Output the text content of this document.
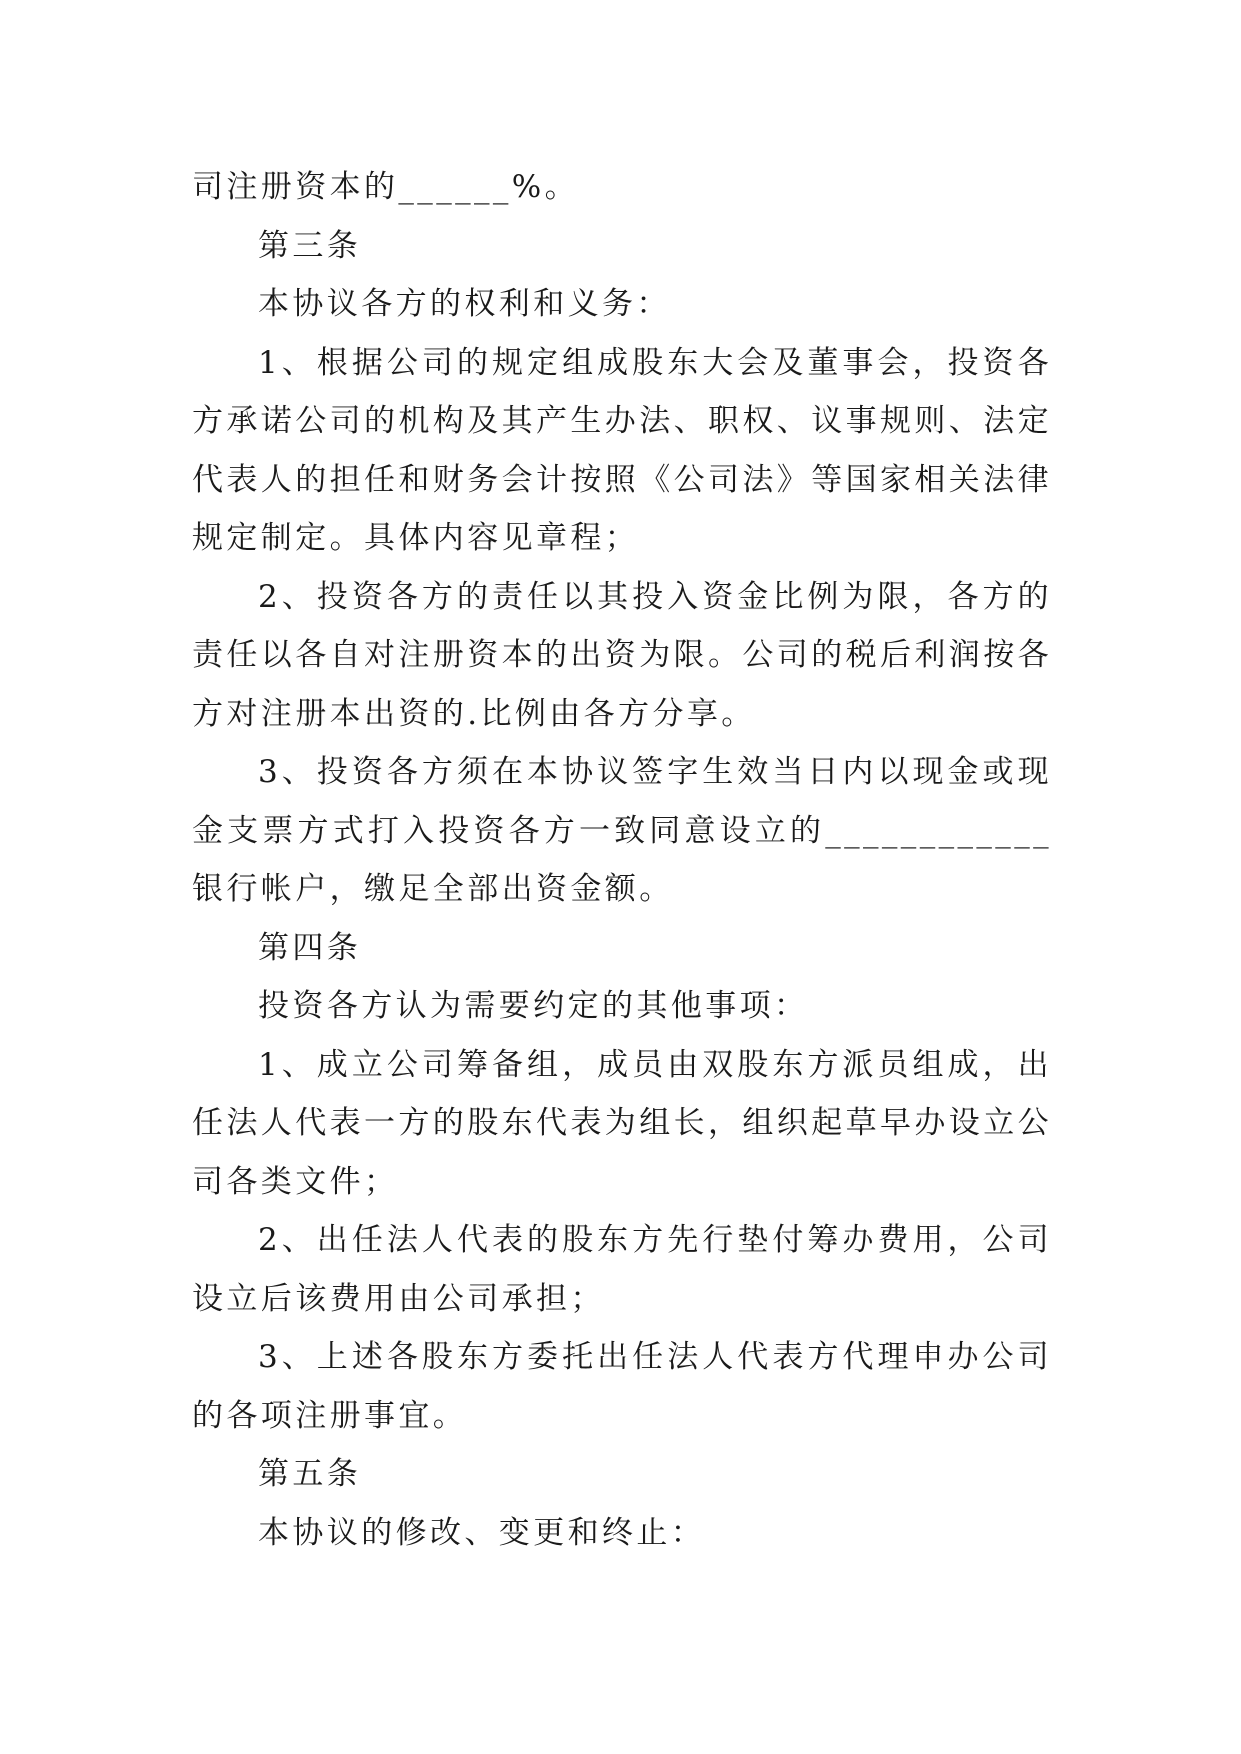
司注册资本的______%。

第三条

本协议各方的权利和义务：

1、根据公司的规定组成股东大会及董事会，投资各方承诺公司的机构及其产生办法、职权、议事规则、法定代表人的担任和财务会计按照《公司法》等国家相关法律规定制定。具体内容见章程；

2、投资各方的责任以其投入资金比例为限，各方的责任以各自对注册资本的出资为限。公司的税后利润按各方对注册本出资的.比例由各方分享。

3、投资各方须在本协议签字生效当日内以现金或现金支票方式打入投资各方一致同意设立的____________银行帐户，缴足全部出资金额。

第四条

投资各方认为需要约定的其他事项：

1、成立公司筹备组，成员由双股东方派员组成，出任法人代表一方的股东代表为组长，组织起草早办设立公司各类文件；

2、出任法人代表的股东方先行垫付筹办费用，公司设立后该费用由公司承担；

3、上述各股东方委托出任法人代表方代理申办公司的各项注册事宜。

第五条

本协议的修改、变更和终止：
